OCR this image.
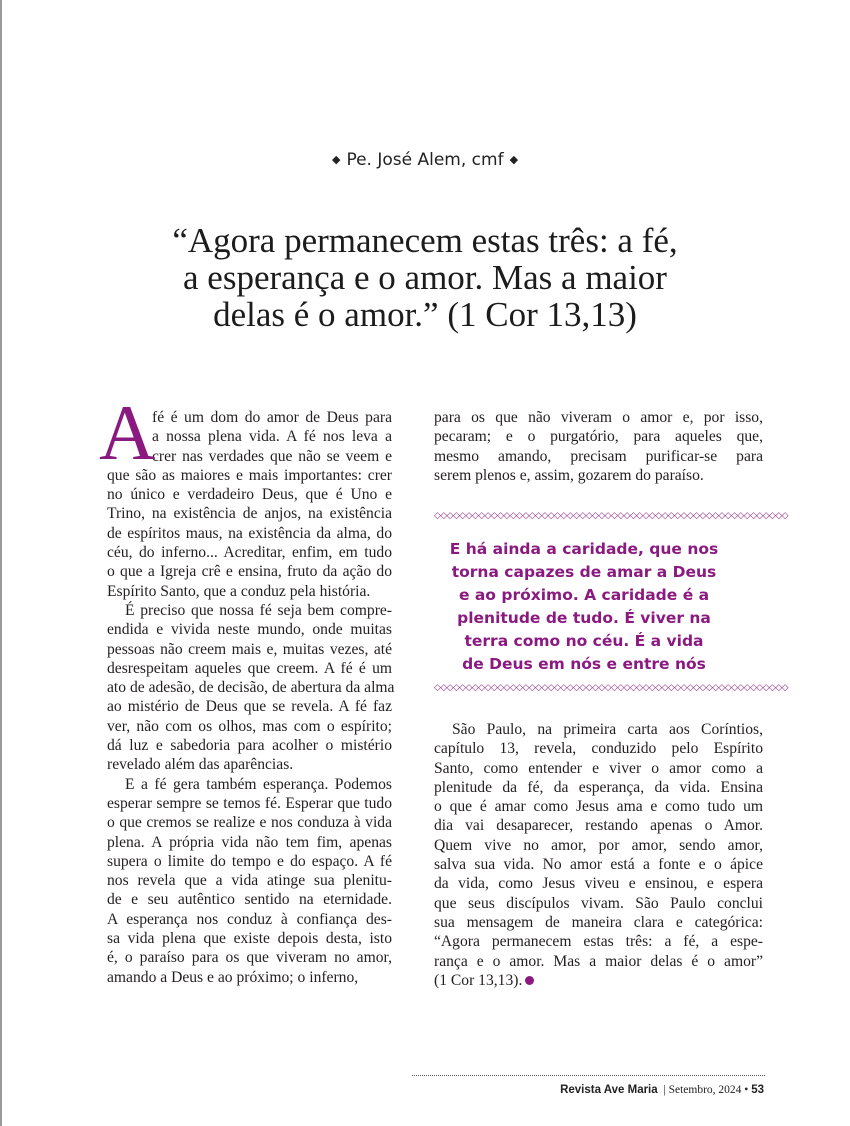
◆ Pe. José Alem, cmf ◆
“Agora permanecem estas três: a fé,
a esperança e o amor. Mas a maior
delas é o amor.” (1 Cor 13,13)
A
fé é um dom do amor de Deus para
a nossa plena vida. A fé nos leva a
crer nas verdades que não se veem e
que são as maiores e mais importantes: crer
no único e verdadeiro Deus, que é Uno e
Trino, na existência de anjos, na existência
de espíritos maus, na existência da alma, do
céu, do inferno... Acreditar, enfim, em tudo
o que a Igreja crê e ensina, fruto da ação do
Espírito Santo, que a conduz pela história.
É preciso que nossa fé seja bem compre-
endida e vivida neste mundo, onde muitas
pessoas não creem mais e, muitas vezes, até
desrespeitam aqueles que creem. A fé é um
ato de adesão, de decisão, de abertura da alma
ao mistério de Deus que se revela. A fé faz
ver, não com os olhos, mas com o espírito;
dá luz e sabedoria para acolher o mistério
revelado além das aparências.
E a fé gera também esperança. Podemos
esperar sempre se temos fé. Esperar que tudo
o que cremos se realize e nos conduza à vida
plena. A própria vida não tem fim, apenas
supera o limite do tempo e do espaço. A fé
nos revela que a vida atinge sua plenitu-
de e seu autêntico sentido na eternidade.
A esperança nos conduz à confiança des-
sa vida plena que existe depois desta, isto
é, o paraíso para os que viveram no amor,
amando a Deus e ao próximo; o inferno,
para os que não viveram o amor e, por isso,
pecaram; e o purgatório, para aqueles que,
mesmo amando, precisam purificar-se para
serem plenos e, assim, gozarem do paraíso.
◇◇◇◇◇◇◇◇◇◇◇◇◇◇◇◇◇◇◇◇◇◇◇◇◇◇◇◇◇◇◇◇◇◇◇◇◇◇◇◇◇◇◇◇◇◇◇◇◇◇◇◇◇◇◇◇
E há ainda a caridade, que nos
torna capazes de amar a Deus
e ao próximo. A caridade é a
plenitude de tudo. É viver na
terra como no céu. É a vida
de Deus em nós e entre nós
◇◇◇◇◇◇◇◇◇◇◇◇◇◇◇◇◇◇◇◇◇◇◇◇◇◇◇◇◇◇◇◇◇◇◇◇◇◇◇◇◇◇◇◇◇◇◇◇◇◇◇◇◇◇◇◇
São Paulo, na primeira carta aos Coríntios,
capítulo 13, revela, conduzido pelo Espírito
Santo, como entender e viver o amor como a
plenitude da fé, da esperança, da vida. Ensina
o que é amar como Jesus ama e como tudo um
dia vai desaparecer, restando apenas o Amor.
Quem vive no amor, por amor, sendo amor,
salva sua vida. No amor está a fonte e o ápice
da vida, como Jesus viveu e ensinou, e espera
que seus discípulos vivam. São Paulo conclui
sua mensagem de maneira clara e categórica:
“Agora permanecem estas três: a fé, a espe-
rança e o amor. Mas a maior delas é o amor”
(1 Cor 13,13).
Revista Ave Maria | Setembro, 2024 • 53
